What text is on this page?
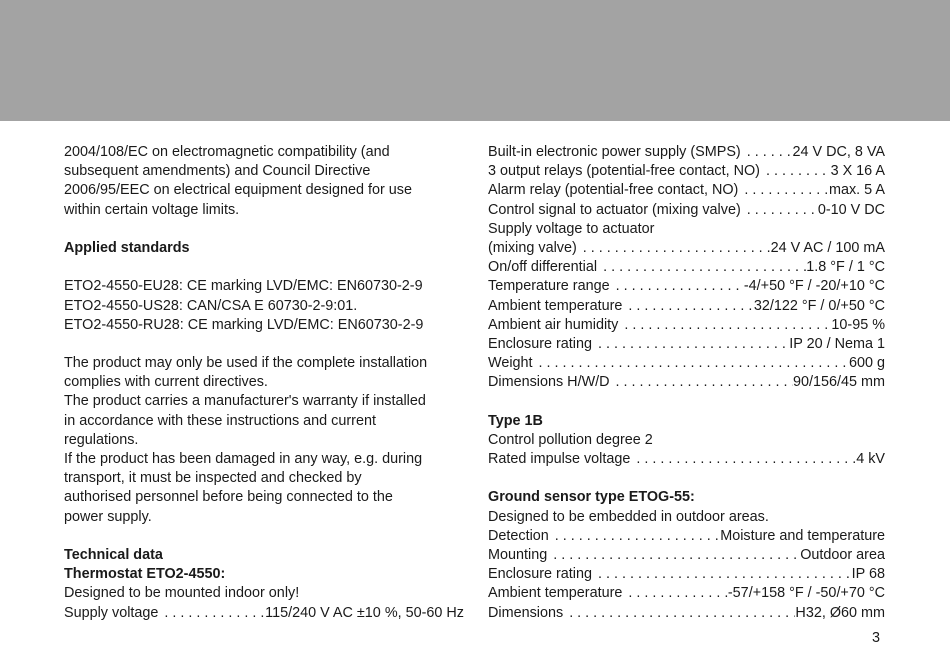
2004/108/EC on electromagnetic compatibility (and
subsequent amendments) and Council Directive
2006/95/EEC on electrical equipment designed for use
within certain voltage limits.
Applied standards
ETO2-4550-EU28: CE marking LVD/EMC: EN60730-2-9
ETO2-4550-US28: CAN/CSA E 60730-2-9:01.
ETO2-4550-RU28: CE marking LVD/EMC: EN60730-2-9
The product may only be used if the complete installation
complies with current directives.
The product carries a manufacturer's warranty if installed
in accordance with these instructions and current
regulations.
If the product has been damaged in any way, e.g. during
transport, it must be inspected and checked by
authorised personnel before being connected to the
power supply.
Technical data
Thermostat ETO2-4550:
Designed to be mounted indoor only!
Supply voltage . . .	115/240 V AC ±10 %, 50-60 Hz
Built-in electronic power supply (SMPS) . . .	24 V DC, 8 VA
3 output relays (potential-free contact, NO) . . .	3 X 16 A
Alarm relay (potential-free contact, NO) . . .	max. 5 A
Control signal to actuator (mixing valve) . . .	0-10 V DC
Supply voltage to actuator
(mixing valve) . . .	24 V AC / 100 mA
On/off differential . . .	1.8 °F / 1 °C
Temperature range . . .	-4/+50 °F / -20/+10 °C
Ambient temperature . . .	32/122 °F / 0/+50 °C
Ambient air humidity . . .	10-95 %
Enclosure rating . . .	IP 20 / Nema 1
Weight . . .	600 g
Dimensions H/W/D . . .	90/156/45 mm
Type 1B
Control pollution degree 2
Rated impulse voltage . . .	4 kV
Ground sensor type ETOG-55:
Designed to be embedded in outdoor areas.
Detection . . .	Moisture and temperature
Mounting . . .	Outdoor area
Enclosure rating . . .	IP 68
Ambient temperature . . .	-57/+158 °F / -50/+70 °C
Dimensions . . .	H32, Ø60 mm
3
